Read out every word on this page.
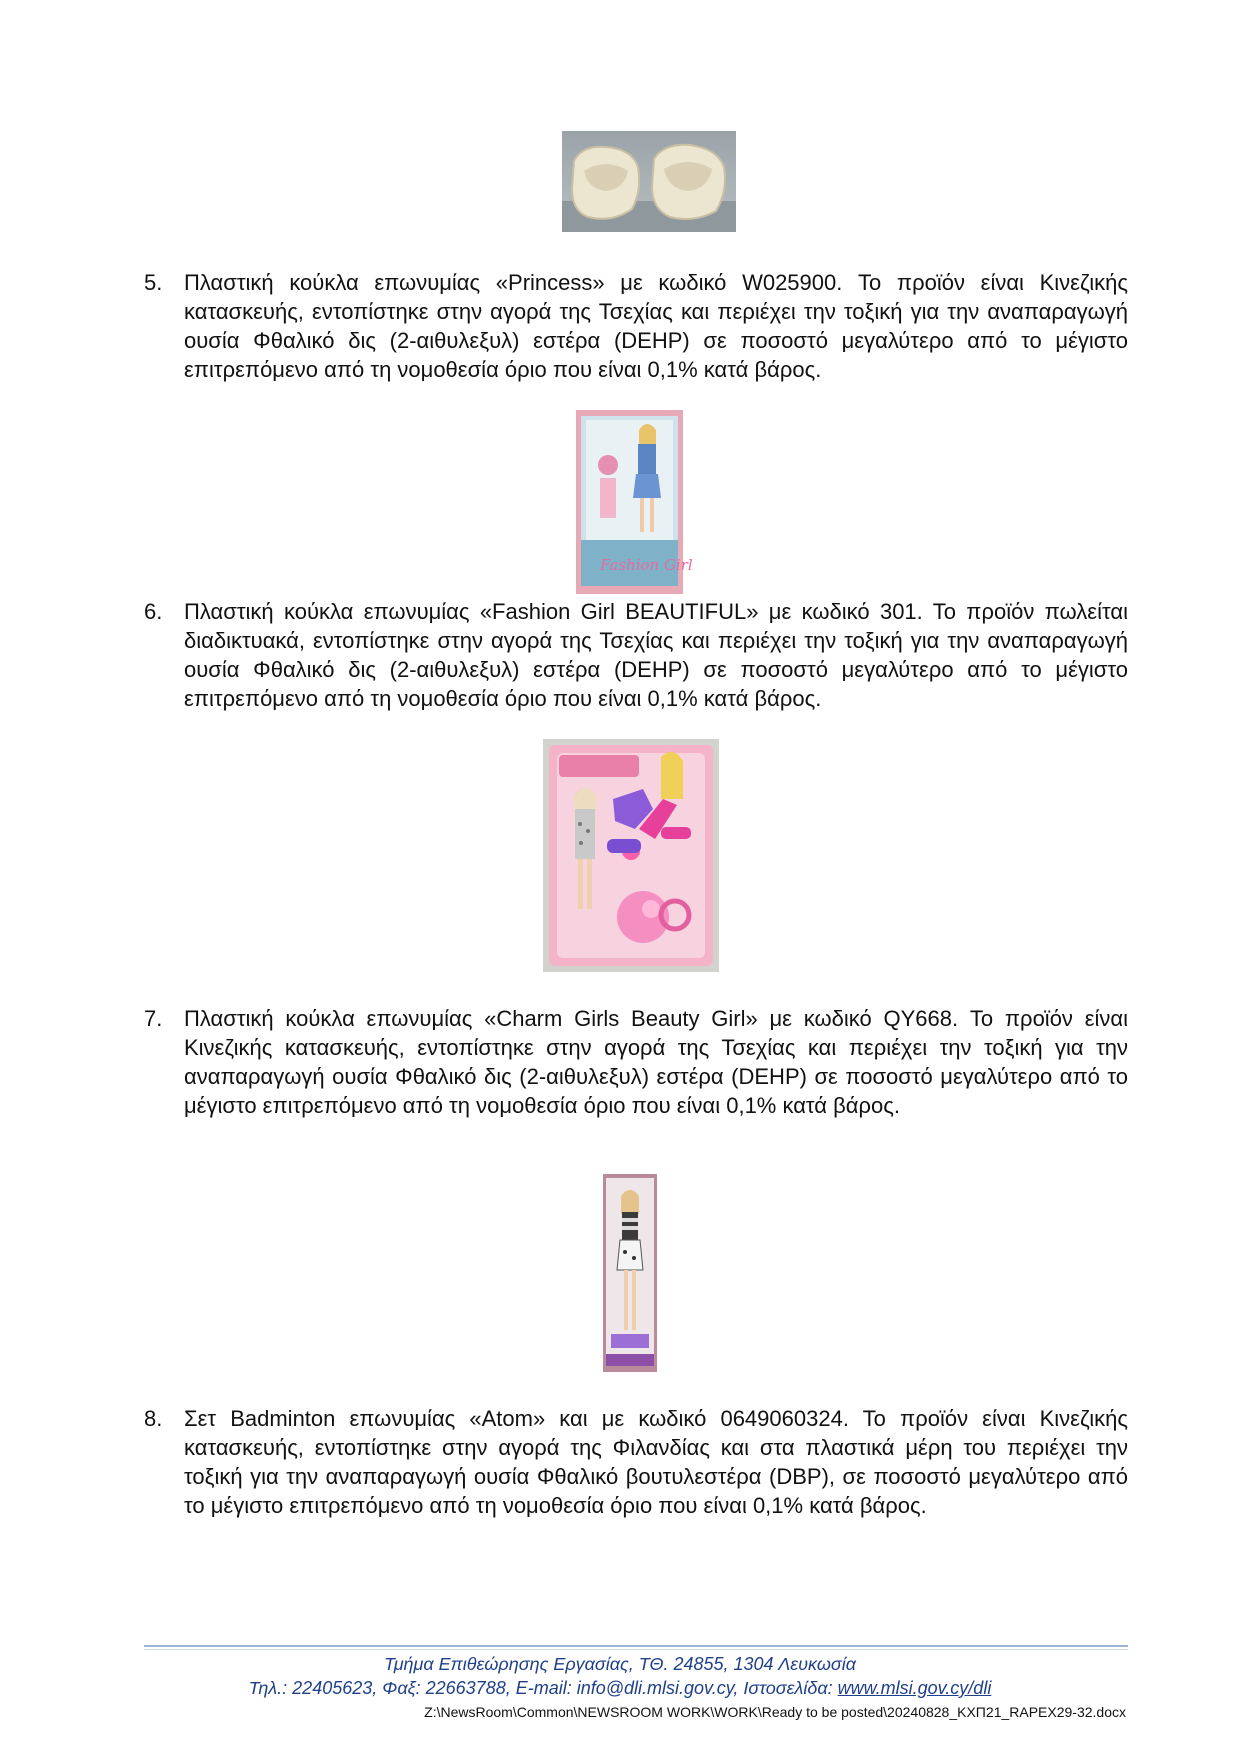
5. Πλαστική κούκλα επωνυμίας «Princess» με κωδικό W025900. Το προϊόν είναι Κινεζικής κατασκευής, εντοπίστηκε στην αγορά της Τσεχίας και περιέχει την τοξική για την αναπαραγωγή ουσία Φθαλικό δις (2-αιθυλεξυλ) εστέρα (DEHP) σε ποσοστό μεγαλύτερο από το μέγιστο επιτρεπόμενο από τη νομοθεσία όριο που είναι 0,1% κατά βάρος.
Fashion Girl
6. Πλαστική κούκλα επωνυμίας «Fashion Girl BEAUTIFUL» με κωδικό 301. Το προϊόν πωλείται διαδικτυακά, εντοπίστηκε στην αγορά της Τσεχίας και περιέχει την τοξική για την αναπαραγωγή ουσία Φθαλικό δις (2-αιθυλεξυλ) εστέρα (DEHP) σε ποσοστό μεγαλύτερο από το μέγιστο επιτρεπόμενο από τη νομοθεσία όριο που είναι 0,1% κατά βάρος.
7. Πλαστική κούκλα επωνυμίας «Charm Girls Beauty Girl» με κωδικό QY668. Το προϊόν είναι Κινεζικής κατασκευής, εντοπίστηκε στην αγορά της Τσεχίας και περιέχει την τοξική για την αναπαραγωγή ουσία Φθαλικό δις (2-αιθυλεξυλ) εστέρα (DEHP) σε ποσοστό μεγαλύτερο από το μέγιστο επιτρεπόμενο από τη νομοθεσία όριο που είναι 0,1% κατά βάρος.
8. Σετ Badminton επωνυμίας «Atom» και με κωδικό 0649060324. Το προϊόν είναι Κινεζικής κατασκευής, εντοπίστηκε στην αγορά της Φιλανδίας και στα πλαστικά μέρη του περιέχει την τοξική για την αναπαραγωγή ουσία Φθαλικό βουτυλεστέρα (DBP), σε ποσοστό μεγαλύτερο από το μέγιστο επιτρεπόμενο από τη νομοθεσία όριο που είναι 0,1% κατά βάρος.
Τμήμα Επιθεώρησης Εργασίας, ΤΘ. 24855, 1304 Λευκωσία
Τηλ.: 22405623, Φαξ: 22663788, E-mail: info@dli.mlsi.gov.cy, Ιστοσελίδα: www.mlsi.gov.cy/dli
Z:\NewsRoom\Common\NEWSROOM WORK\WORK\Ready to be posted\20240828_ΚΧΠ21_RAPEX29-32.docx
